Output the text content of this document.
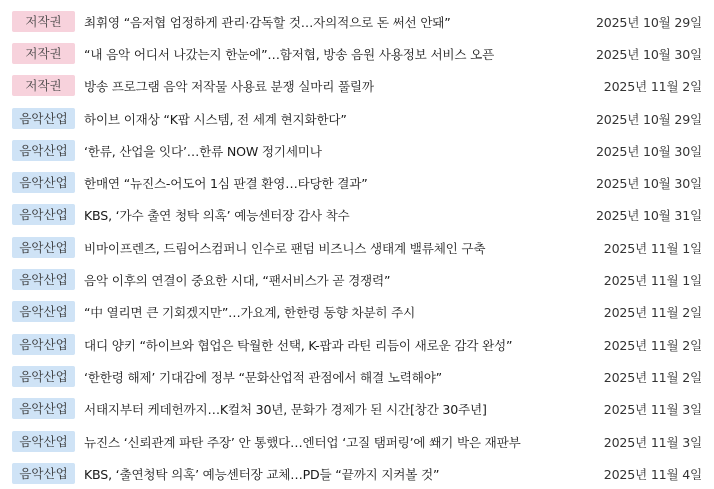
저작권	최휘영 “음저협 엄정하게 관리·감독할 것…자의적으로 돈 써선 안돼”	2025년 10월 29일
저작권	“내 음악 어디서 나갔는지 한눈에”…함저협, 방송 음원 사용정보 서비스 오픈	2025년 10월 30일
저작권	방송 프로그램 음악 저작물 사용료 분쟁 실마리 풀릴까	2025년 11월 2일
음악산업	하이브 이재상 “K팝 시스템, 전 세계 현지화한다”	2025년 10월 29일
음악산업	‘한류, 산업을 잇다’…한류 NOW 정기세미나	2025년 10월 30일
음악산업	한매연 “뉴진스-어도어 1심 판결 환영…타당한 결과”	2025년 10월 30일
음악산업	KBS, ‘가수 출연 청탁 의혹’ 예능센터장 감사 착수	2025년 10월 31일
음악산업	비마이프렌즈, 드림어스컴퍼니 인수로 팬덤 비즈니스 생태계 밸류체인 구축	2025년 11월 1일
음악산업	음악 이후의 연결이 중요한 시대, “팬서비스가 곧 경쟁력”	2025년 11월 1일
음악산업	“中 열리면 큰 기회겠지만”…가요계, 한한령 동향 차분히 주시	2025년 11월 2일
음악산업	대디 양키 “하이브와 협업은 탁월한 선택, K-팝과 라틴 리듬이 새로운 감각 완성”	2025년 11월 2일
음악산업	‘한한령 해제’ 기대감에 정부 “문화산업적 관점에서 해결 노력해야”	2025년 11월 2일
음악산업	서태지부터 케데헌까지…K컬처 30년, 문화가 경제가 된 시간[창간 30주년]	2025년 11월 3일
음악산업	뉴진스 ‘신뢰관계 파탄 주장’ 안 통했다…엔터업 ‘고질 탬퍼링’에 쐐기 박은 재판부	2025년 11월 3일
음악산업	KBS, ‘출연청탁 의혹’ 예능센터장 교체…PD들 “끝까지 지켜볼 것”	2025년 11월 4일
